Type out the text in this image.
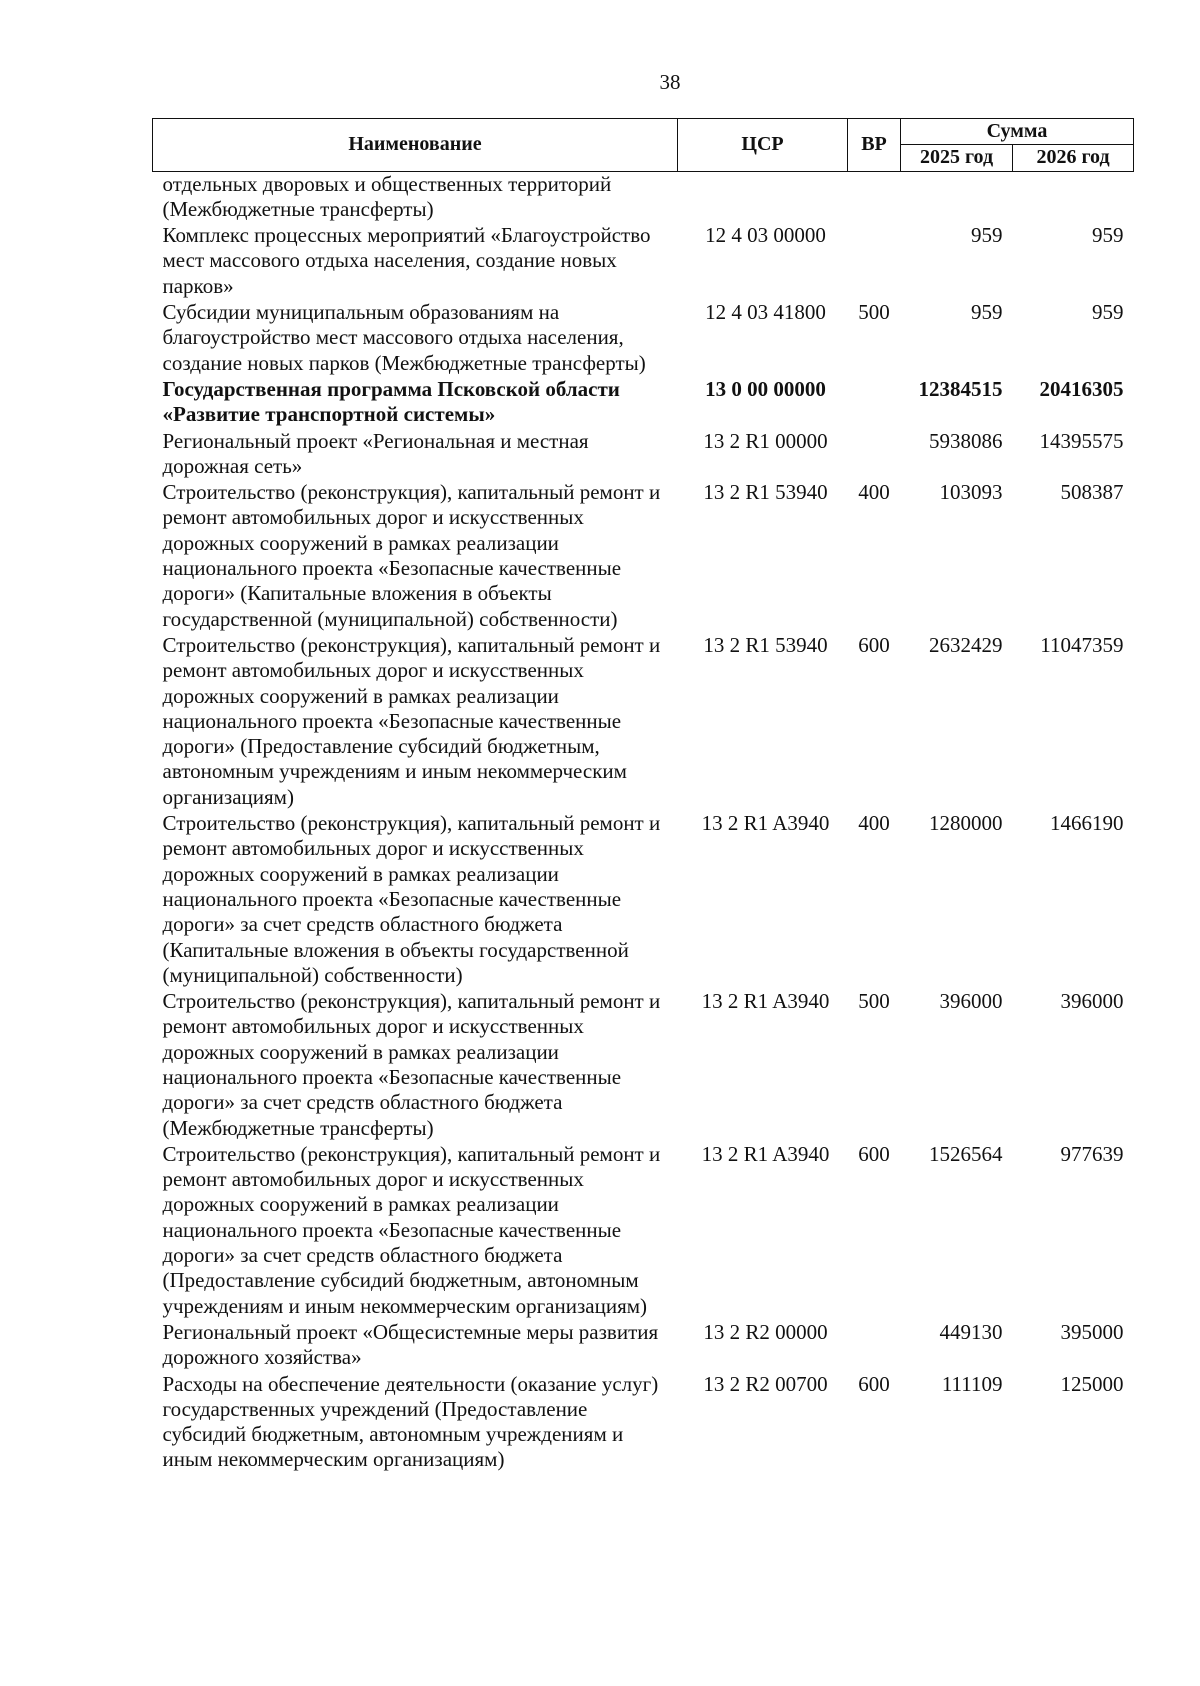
38
Наименование	ЦСР	ВР	Сумма	
			2025 год	2026 год
отдельных дворовых и общественных территорий (Межбюджетные трансферты)				
Комплекс процессных мероприятий «Благоустройство мест массового отдыха населения, создание новых парков»	12 4 03 00000		959	959
Субсидии муниципальным образованиям на благоустройство мест массового отдыха населения, создание новых парков (Межбюджетные трансферты)	12 4 03 41800	500	959	959
Государственная программа Псковской области «Развитие транспортной системы»	13 0 00 00000		12384515	20416305
Региональный проект «Региональная и местная дорожная сеть»	13 2 R1 00000		5938086	14395575
Строительство (реконструкция), капитальный ремонт и ремонт автомобильных дорог и искусственных дорожных сооружений в рамках реализации национального проекта «Безопасные качественные дороги» (Капитальные вложения в объекты государственной (муниципальной) собственности)	13 2 R1 53940	400	103093	508387
Строительство (реконструкция), капитальный ремонт и ремонт автомобильных дорог и искусственных дорожных сооружений в рамках реализации национального проекта «Безопасные качественные дороги» (Предоставление субсидий бюджетным, автономным учреждениям и иным некоммерческим организациям)	13 2 R1 53940	600	2632429	11047359
Строительство (реконструкция), капитальный ремонт и ремонт автомобильных дорог и искусственных дорожных сооружений в рамках реализации национального проекта «Безопасные качественные дороги» за счет средств областного бюджета (Капитальные вложения в объекты государственной (муниципальной) собственности)	13 2 R1 A3940	400	1280000	1466190
Строительство (реконструкция), капитальный ремонт и ремонт автомобильных дорог и искусственных дорожных сооружений в рамках реализации национального проекта «Безопасные качественные дороги» за счет средств областного бюджета (Межбюджетные трансферты)	13 2 R1 A3940	500	396000	396000
Строительство (реконструкция), капитальный ремонт и ремонт автомобильных дорог и искусственных дорожных сооружений в рамках реализации национального проекта «Безопасные качественные дороги» за счет средств областного бюджета (Предоставление субсидий бюджетным, автономным учреждениям и иным некоммерческим организациям)	13 2 R1 A3940	600	1526564	977639
Региональный проект «Общесистемные меры развития дорожного хозяйства»	13 2 R2 00000		449130	395000
Расходы на обеспечение деятельности (оказание услуг) государственных учреждений (Предоставление субсидий бюджетным, автономным учреждениям и иным некоммерческим организациям)	13 2 R2 00700	600	111109	125000
